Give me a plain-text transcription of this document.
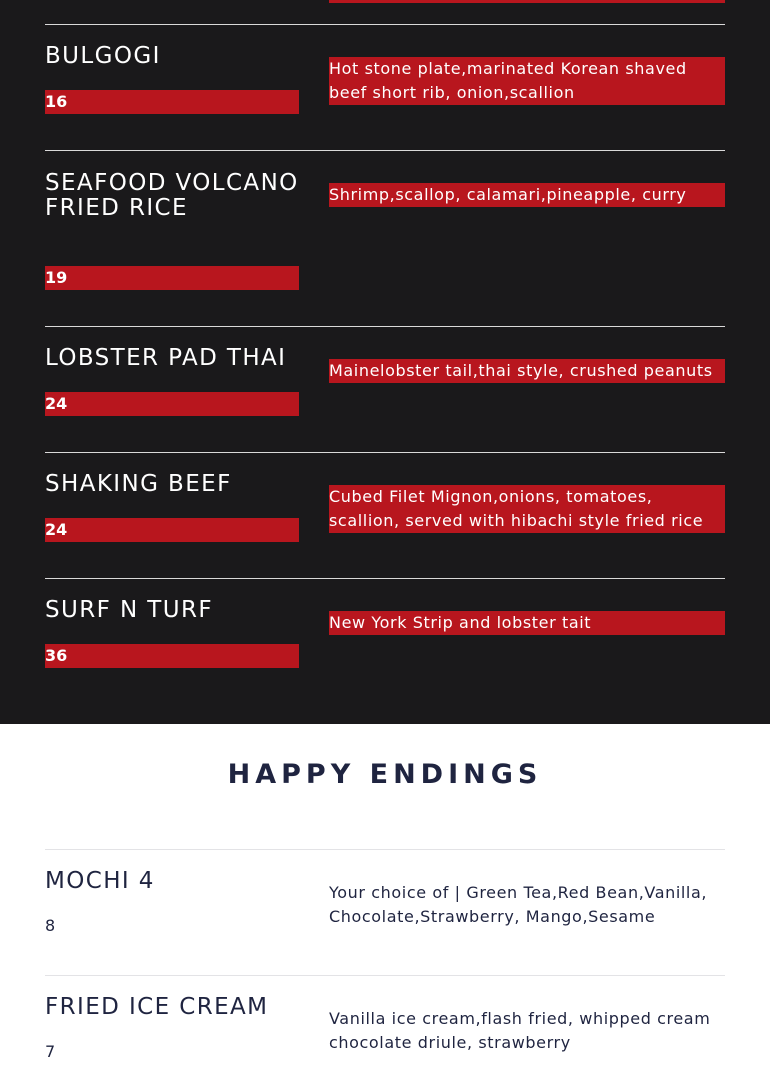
BULGOGI
16
Hot stone plate,marinated Korean shaved beef short rib, onion,scallion
SEAFOOD VOLCANO FRIED RICE
19
Shrimp,scallop, calamari,pineapple, curry
LOBSTER PAD THAI
24
Mainelobster tail,thai style, crushed peanuts
SHAKING BEEF
24
Cubed Filet Mignon,onions, tomatoes, scallion, served with hibachi style fried rice
SURF N TURF
36
New York Strip and lobster tait
HAPPY ENDINGS
MOCHI 4
8
Your choice of | Green Tea,Red Bean,Vanilla, Chocolate,Strawberry, Mango,Sesame
FRIED ICE CREAM
7
Vanilla ice cream,flash fried, whipped cream chocolate driule, strawberry
